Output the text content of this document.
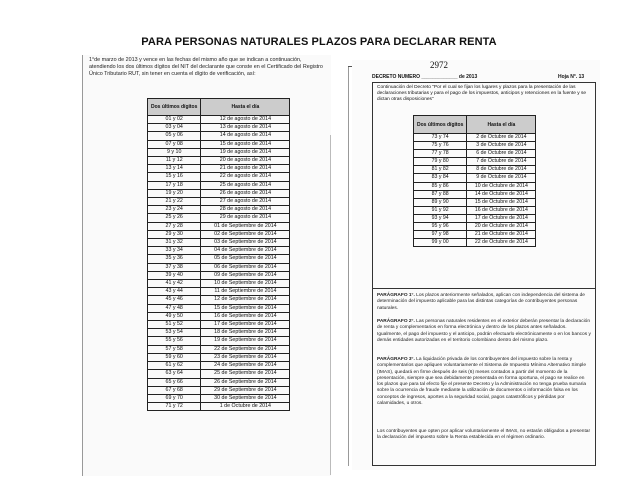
PARA PERSONAS NATURALES PLAZOS PARA DECLARAR RENTA
1°de marzo de 2013 y vence en las fechas del mismo año que se indican a continuación, atendiendo los dos últimos dígitos del NIT del declarante que conste en el Certificado del Registro Único Tributario RUT, sin tener en cuenta el dígito de verificación, así:
Dos últimos dígitos	Hasta el día
01 y 02	12 de agosto de 2014
03 y 04	13 de agosto de 2014
05 y 06	14 de agosto de 2014
07 y 08	15 de agosto de 2014
9 y 10	19 de agosto de 2014
11 y 12	20 de agosto de 2014
13 y 14	21 de agosto de 2014
15 y 16	22 de agosto de 2014
17 y 18	25 de agosto de 2014
19 y 20	26 de agosto de 2014
21 y 22	27 de agosto de 2014
23 y 24	28 de agosto de 2014
25 y 26	29 de agosto de 2014
27 y 28	01 de Septiembre de 2014
29 y 30	02 de Septiembre de 2014
31 y 32	03 de Septiembre de 2014
33 y 34	04 de Septiembre de 2014
35 y 36	05 de Septiembre de 2014
37 y 38	06 de Septiembre de 2014
39 y 40	09 de Septiembre de 2014
41 y 42	10 de Septiembre de 2014
43 y 44	11 de Septiembre de 2014
45 y 46	12 de Septiembre de 2014
47 y 48	15 de Septiembre de 2014
49 y 50	16 de Septiembre de 2014
51 y 52	17 de Septiembre de 2014
53 y 54	18 de Septiembre de 2014
55 y 56	19 de Septiembre de 2014
57 y 58	22 de Septiembre de 2014
59 y 60	23 de Septiembre de 2014
61 y 62	24 de Septiembre de 2014
63 y 64	25 de Septiembre de 2014
65 y 66	26 de Septiembre de 2014
67 y 68	29 de Septiembre de 2014
69 y 70	30 de Septiembre de 2014
71 y 72	1 de Octubre de 2014
2972
DECRETO NUMERO _____________ de 2013	Hoja N°. 13
Continuación del Decreto "Por el cual se fijan los lugares y plazos para la presentación de las declaraciones tributarias y para el pago de los impuestos, anticipos y retenciones en la fuente y se dictan otras disposiciones"
Dos últimos dígitos	Hasta el día
73 y 74	2 de Octubre de 2014
75 y 76	3 de Octubre de 2014
77 y 78	6 de Octubre de 2014
79 y 80	7 de Octubre de 2014
81 y 82	8 de Octubre de 2014
83 y 84	9 de Octubre de 2014
85 y 86	10 de Octubre de 2014
87 y 88	14 de Octubre de 2014
89 y 90	15 de Octubre de 2014
91 y 92	16 de Octubre de 2014
93 y 94	17 de Octubre de 2014
95 y 96	20 de Octubre de 2014
97 y 98	21 de Octubre de 2014
99 y 00	22 de Octubre de 2014
PARÁGRAFO 1°. Los plazos anteriormente señalados, aplican con independencia del sistema de determinación del impuesto aplicable para las distintas categorías de contribuyentes personas naturales.
PARÁGRAFO 2°. Las personas naturales residentes en el exterior deberán presentar la declaración de renta y complementarios en forma electrónica y dentro de los plazos antes señalados. Igualmente, el pago del impuesto y el anticipo, podrán efectuarlo electrónicamente o en los bancos y demás entidades autorizadas en el territorio colombiano dentro del mismo plazo.
PARÁGRAFO 3°. La liquidación privada de los contribuyentes del impuesto sobre la renta y complementarios que apliquen voluntariamente el Sistema de Impuesto Mínimo Alternativo Simple (IMAS), quedará en firme después de seis (6) meses contados a partir del momento de la presentación, siempre que sea debidamente presentada en forma oportuna, el pago se realice en los plazos que para tal efecto fije el presente Decreto y la Administración no tenga prueba sumaria sobre la ocurrencia de fraude mediante la utilización de documentos o información falsa en los conceptos de ingresos, aportes a la seguridad social, pagos catastróficos y pérdidas por calamidades, u otros.
Los contribuyentes que opten por aplicar voluntariamente el IMAS, no estarán obligados a presentar la declaración del impuesto sobre la Renta establecida en el régimen ordinario.
